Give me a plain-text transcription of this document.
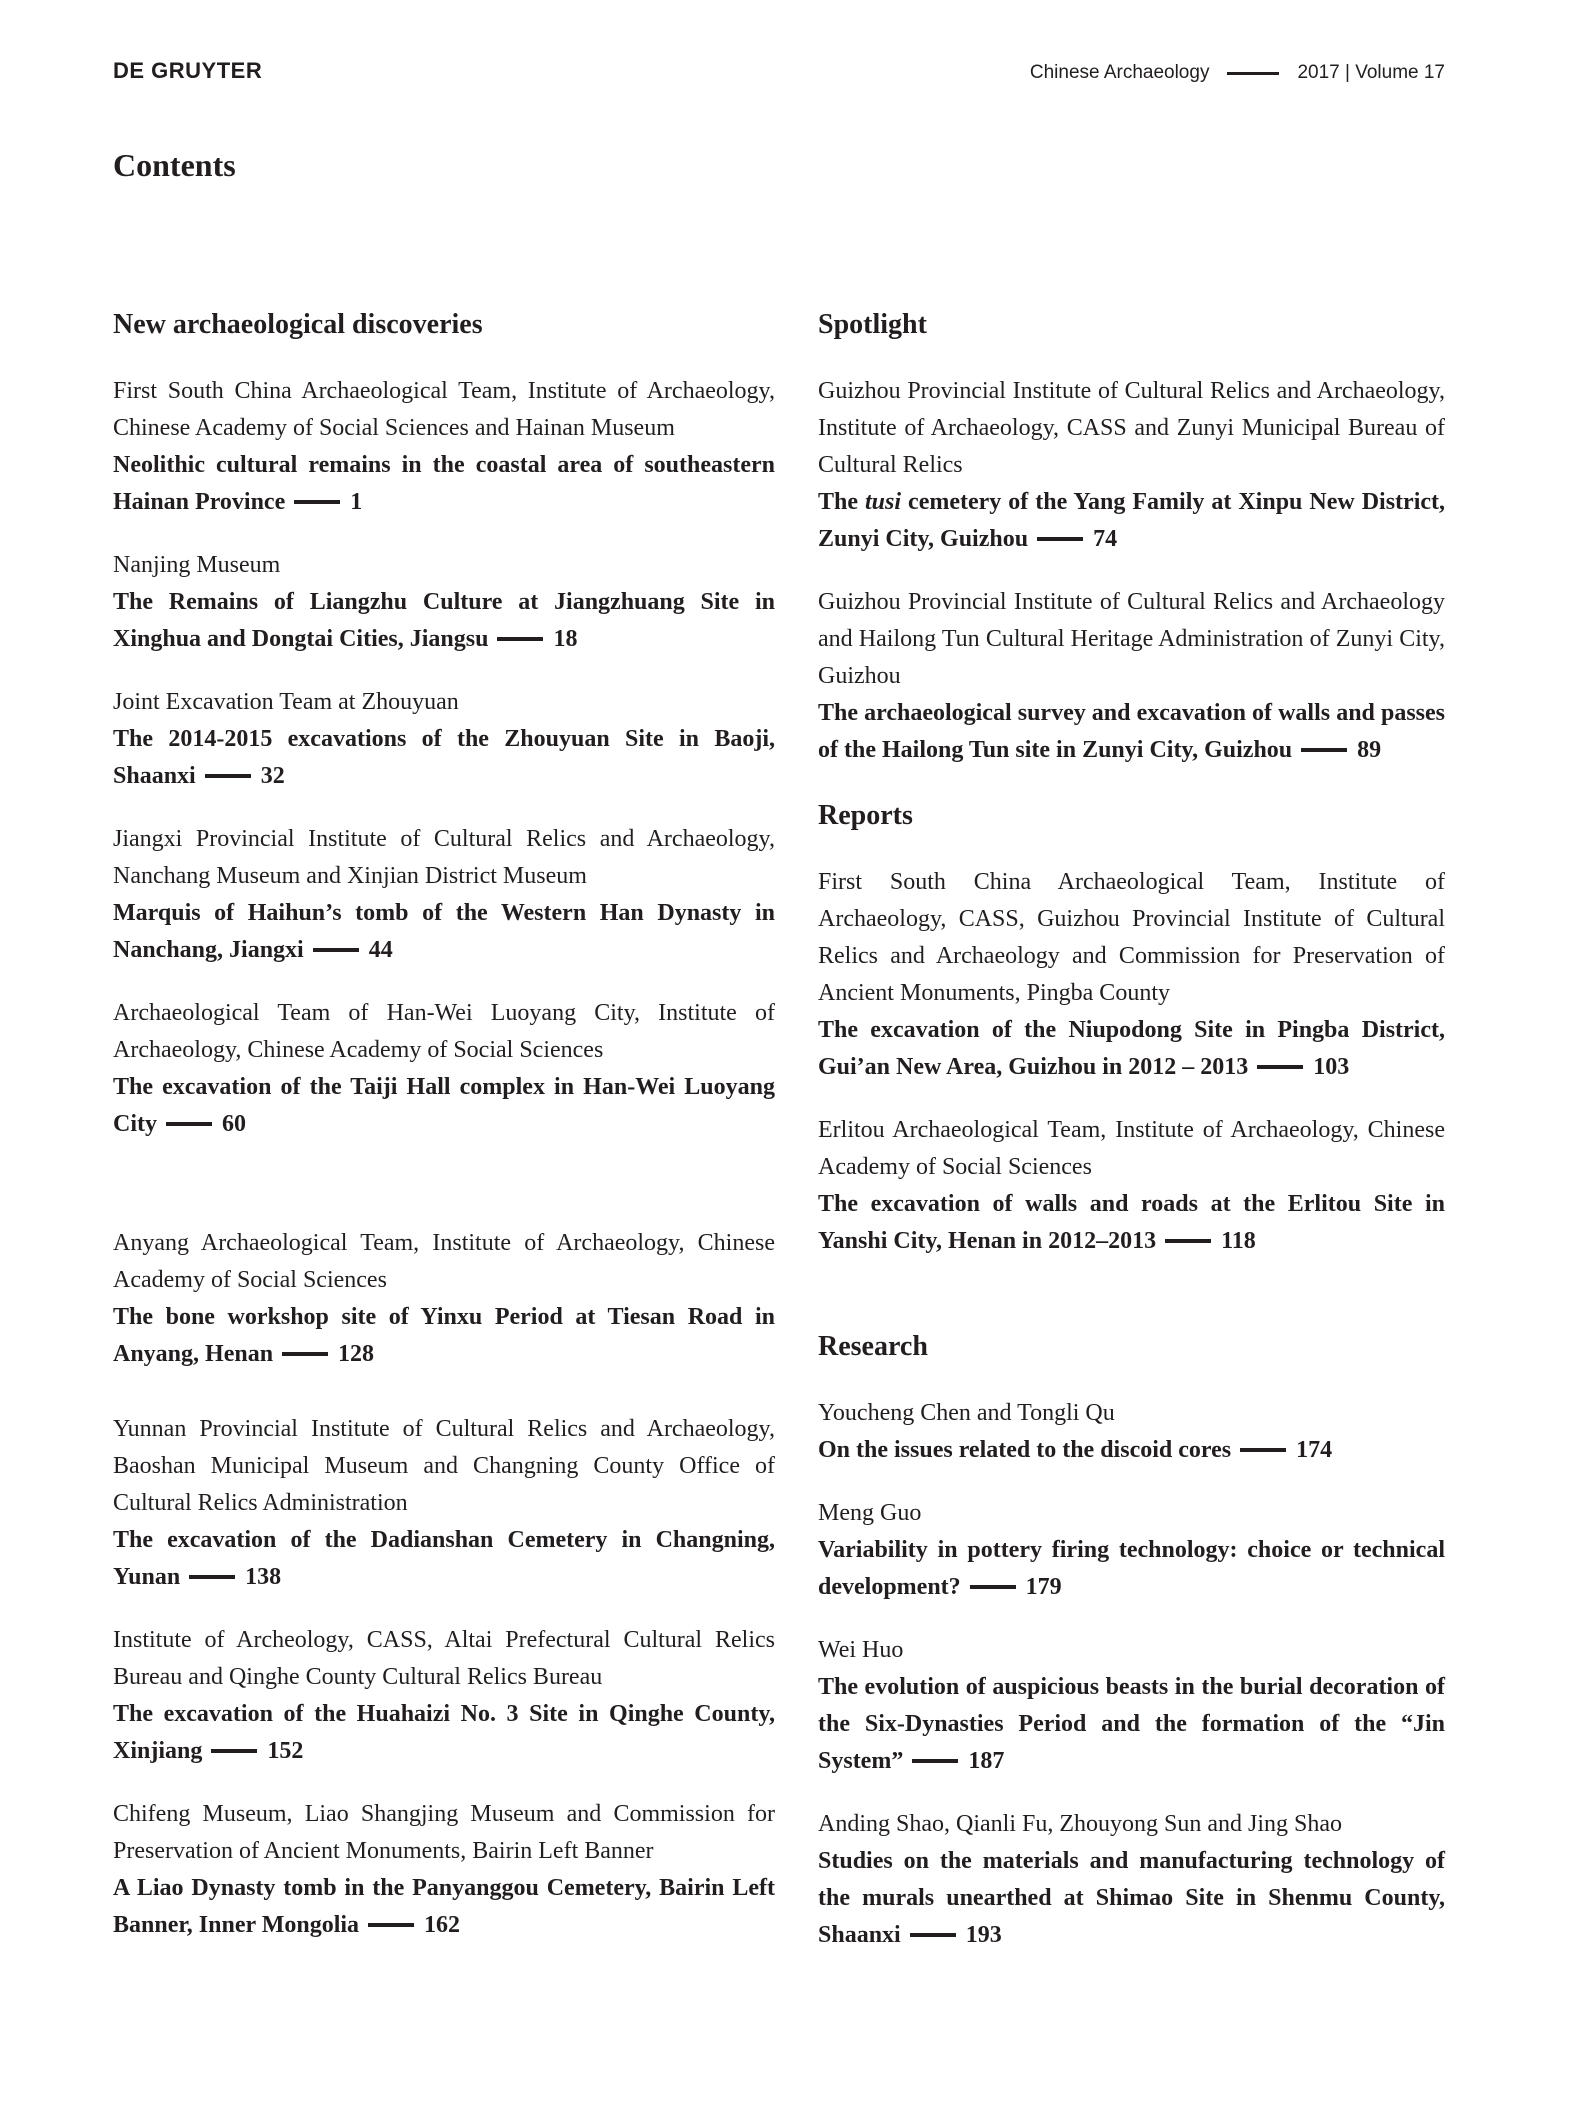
DE GRUYTER	Chinese Archaeology	2017 | Volume 17
Contents
New archaeological discoveries
First South China Archaeological Team, Institute of Archaeology, Chinese Academy of Social Sciences and Hainan Museum
Neolithic cultural remains in the coastal area of southeastern Hainan Province	1
Nanjing Museum
The Remains of Liangzhu Culture at Jiangzhuang Site in Xinghua and Dongtai Cities, Jiangsu	18
Joint Excavation Team at Zhouyuan
The 2014-2015 excavations of the Zhouyuan Site in Baoji, Shaanxi	32
Jiangxi Provincial Institute of Cultural Relics and Archaeology, Nanchang Museum and Xinjian District Museum
Marquis of Haihun’s tomb of the Western Han Dynasty in Nanchang, Jiangxi	44
Archaeological Team of Han-Wei Luoyang City, Institute of Archaeology, Chinese Academy of Social Sciences
The excavation of the Taiji Hall complex in Han-Wei Luoyang City	60
Anyang Archaeological Team, Institute of Archaeology, Chinese Academy of Social Sciences
The bone workshop site of Yinxu Period at Tiesan Road in Anyang, Henan	128
Yunnan Provincial Institute of Cultural Relics and Archaeology, Baoshan Municipal Museum and Changning County Office of Cultural Relics Administration
The excavation of the Dadianshan Cemetery in Changning, Yunan	138
Institute of Archeology, CASS, Altai Prefectural Cultural Relics Bureau and Qinghe County Cultural Relics Bureau
The excavation of the Huahaizi No. 3 Site in Qinghe County, Xinjiang	152
Chifeng Museum, Liao Shangjing Museum and Commission for Preservation of Ancient Monuments, Bairin Left Banner
A Liao Dynasty tomb in the Panyanggou Cemetery, Bairin Left Banner, Inner Mongolia	162
Spotlight
Guizhou Provincial Institute of Cultural Relics and Archaeology, Institute of Archaeology, CASS and Zunyi Municipal Bureau of Cultural Relics
The tusi cemetery of the Yang Family at Xinpu New District, Zunyi City, Guizhou	74
Guizhou Provincial Institute of Cultural Relics and Archaeology and Hailong Tun Cultural Heritage Administration of Zunyi City, Guizhou
The archaeological survey and excavation of walls and passes of the Hailong Tun site in Zunyi City, Guizhou	89
Reports
First South China Archaeological Team, Institute of Archaeology, CASS, Guizhou Provincial Institute of Cultural Relics and Archaeology and Commission for Preservation of Ancient Monuments, Pingba County
The excavation of the Niupodong Site in Pingba District, Gui’an New Area, Guizhou in 2012 – 2013	103
Erlitou Archaeological Team, Institute of Archaeology, Chinese Academy of Social Sciences
The excavation of walls and roads at the Erlitou Site in Yanshi City, Henan in 2012–2013	118
Research
Youcheng Chen and Tongli Qu
On the issues related to the discoid cores	174
Meng Guo
Variability in pottery firing technology: choice or technical development?	179
Wei Huo
The evolution of auspicious beasts in the burial decoration of the Six-Dynasties Period and the formation of the “Jin System”	187
Anding Shao, Qianli Fu, Zhouyong Sun and Jing Shao
Studies on the materials and manufacturing technology of the murals unearthed at Shimao Site in Shenmu County, Shaanxi	193
